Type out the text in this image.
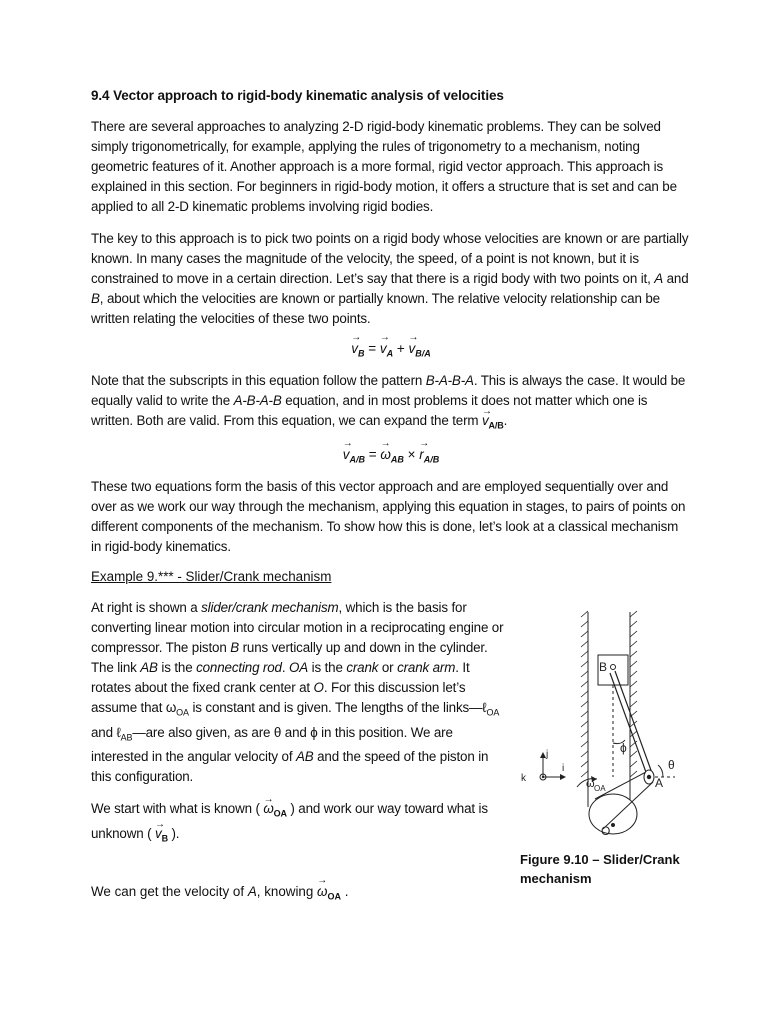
9.4 Vector approach to rigid-body kinematic analysis of velocities

There are several approaches to analyzing 2-D rigid-body kinematic problems. They can be solved simply trigonometrically, for example, applying the rules of trigonometry to a mechanism, noting geometric features of it. Another approach is a more formal, rigid vector approach. This approach is explained in this section. For beginners in rigid-body motion, it offers a structure that is set and can be applied to all 2-D kinematic problems involving rigid bodies.

The key to this approach is to pick two points on a rigid body whose velocities are known or are partially known. In many cases the magnitude of the velocity, the speed, of a point is not known, but it is constrained to move in a certain direction. Let’s say that there is a rigid body with two points on it, A and B, about which the velocities are known or partially known. The relative velocity relationship can be written relating the velocities of these two points.

→ $v_B$ = → $v_A$ + → $v_{B/A}$

Note that the subscripts in this equation follow the pattern B-A-B-A. This is always the case. It would be equally valid to write the A-B-A-B equation, and in most problems it does not matter which one is written. Both are valid. From this equation, we can expand the term → $v_{A/B}$.

→ $v_{A/B}$ = → $\omega_{AB}$ × → $r_{A/B}$

These two equations form the basis of this vector approach and are employed sequentially over and over as we work our way through the mechanism, applying this equation in stages, to pairs of points on different components of the mechanism. To show how this is done, let’s look at a classical mechanism in rigid-body kinematics.

Example 9.*** - Slider/Crank mechanism

At right is shown a slider/crank mechanism, which is the basis for converting linear motion into circular motion in a reciprocating engine or compressor. The piston B runs vertically up and down in the cylinder. The link AB is the connecting rod. OA is the crank or crank arm. It rotates about the fixed crank center at O. For this discussion let’s assume that $\omega_{OA}$ is constant and is given. The lengths of the links—ℓ$_{OA}$ and ℓ$_{AB}$—are also given, as are θ and ϕ in this position. We are interested in the angular velocity of AB and the speed of the piston in this configuration.

We start with what is known ( → $\omega_{OA}$ ) and work our way toward what is unknown ( → $v_B$ ).

B
A
O
ϕ
θ
ω OA
j
i
k
Figure 9.10 – Slider/Crank mechanism
We can get the velocity of A, knowing → $\omega_{OA}$ .
